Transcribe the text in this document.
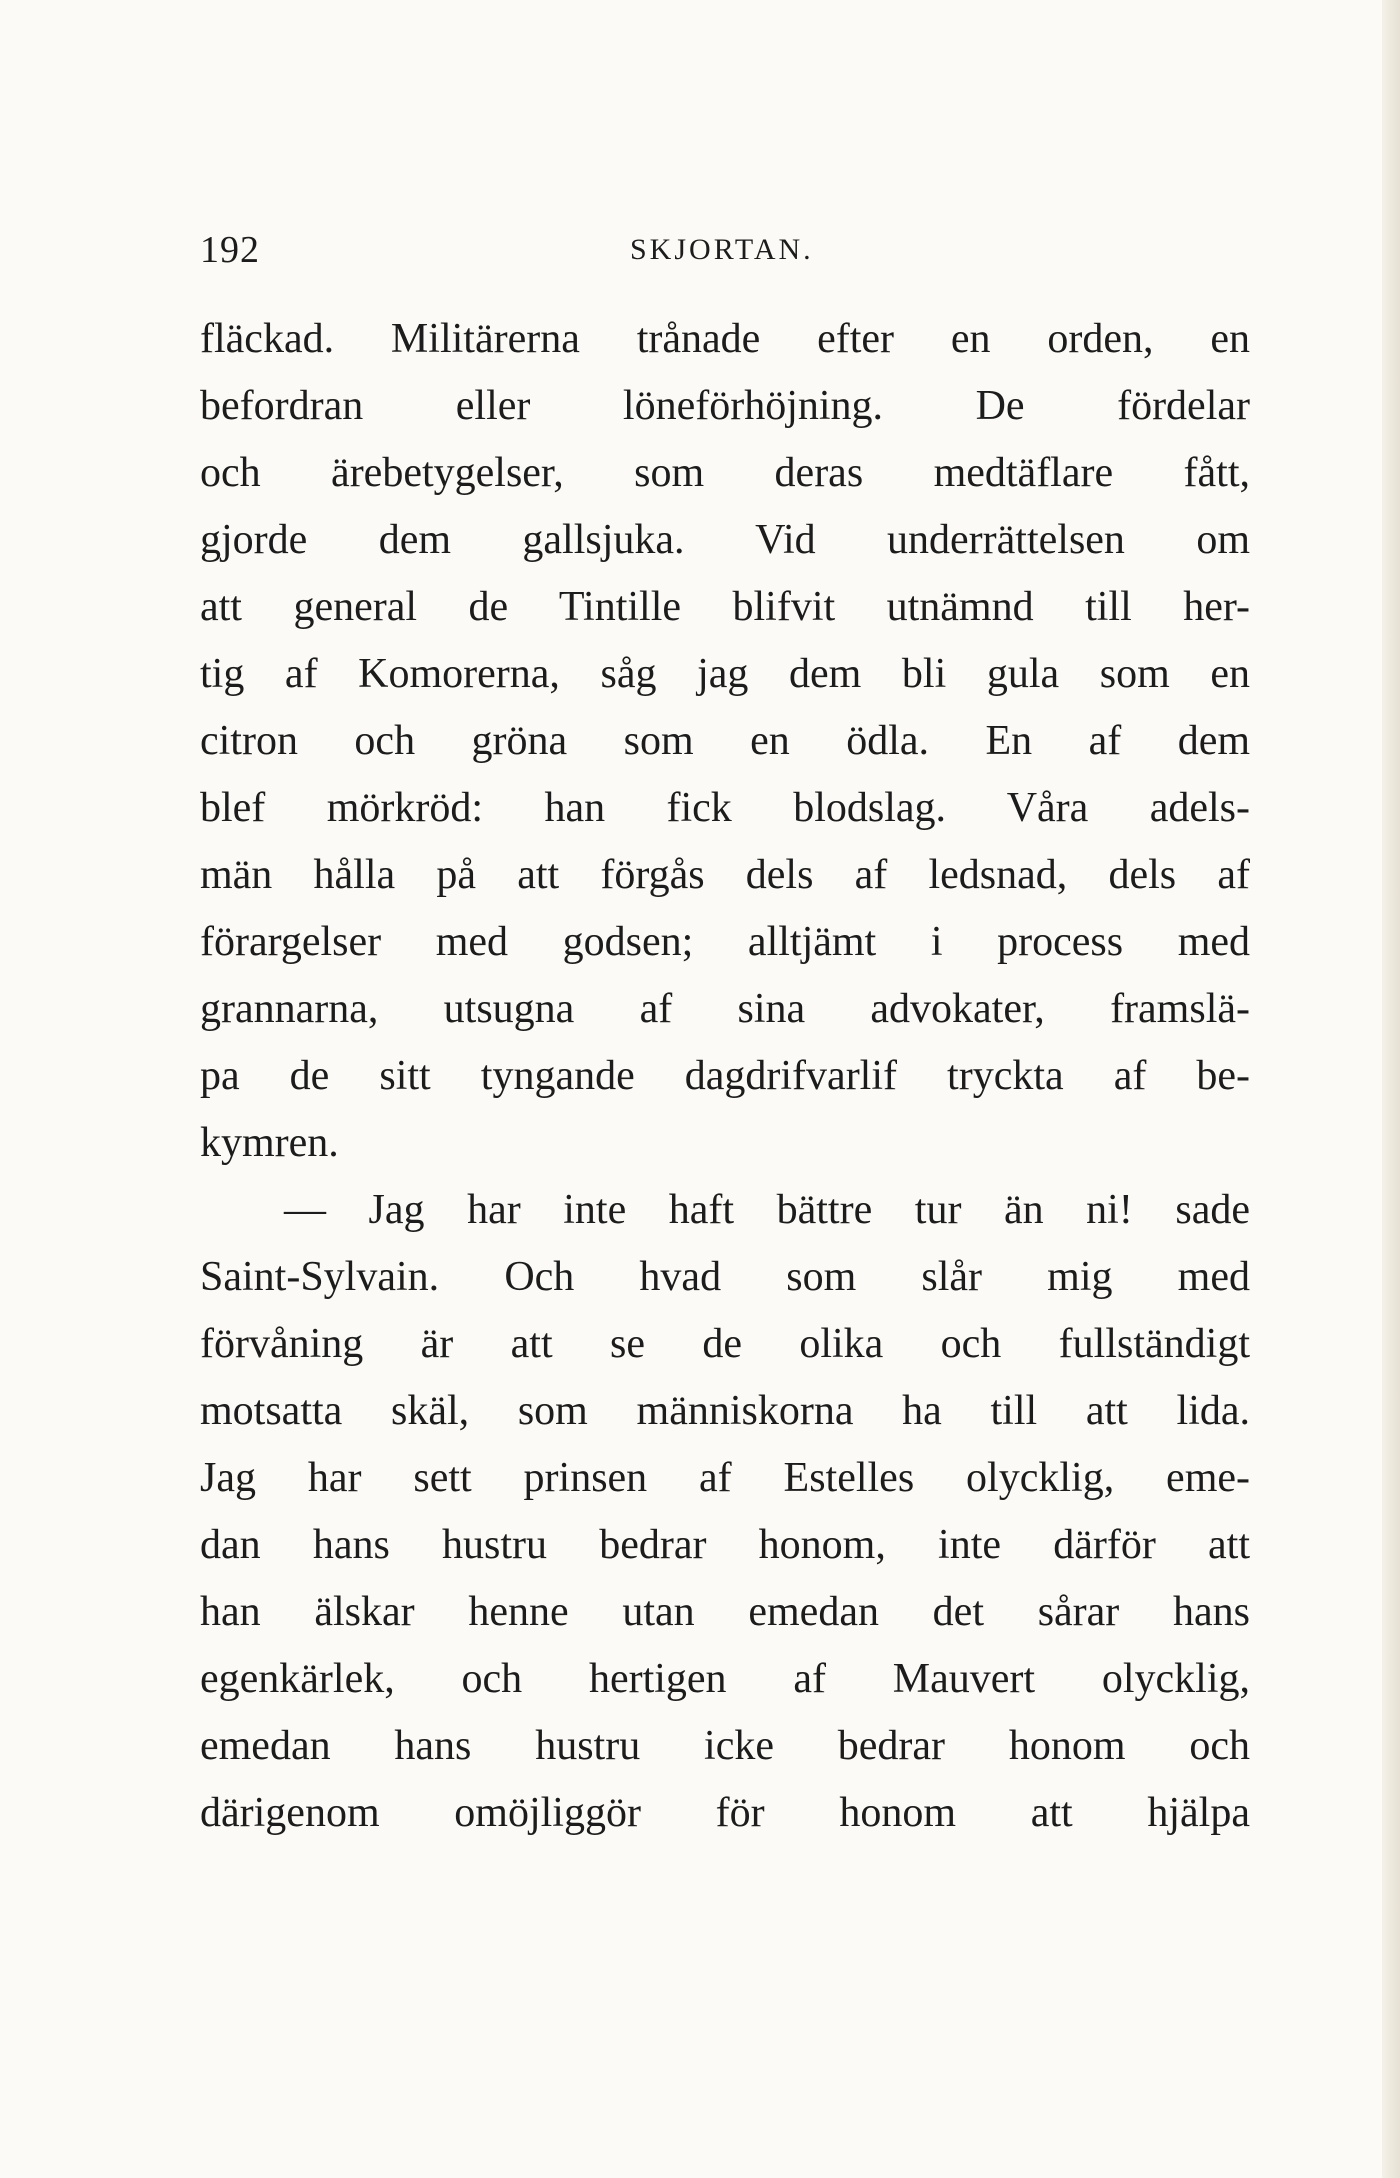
192	SKJORTAN.
fläckad. Militärerna trånade efter en orden, en
befordran eller löneförhöjning. De fördelar
och ärebetygelser, som deras medtäflare fått,
gjorde dem gallsjuka. Vid underrättelsen om
att general de Tintille blifvit utnämnd till her-
tig af Komorerna, såg jag dem bli gula som en
citron och gröna som en ödla. En af dem
blef mörkröd: han fick blodslag. Våra adels-
män hålla på att förgås dels af ledsnad, dels af
förargelser med godsen; alltjämt i process med
grannarna, utsugna af sina advokater, framslä-
pa de sitt tyngande dagdrifvarlif tryckta af be-
kymren.
— Jag har inte haft bättre tur än ni! sade
Saint-Sylvain. Och hvad som slår mig med
förvåning är att se de olika och fullständigt
motsatta skäl, som människorna ha till att lida.
Jag har sett prinsen af Estelles olycklig, eme-
dan hans hustru bedrar honom, inte därför att
han älskar henne utan emedan det sårar hans
egenkärlek, och hertigen af Mauvert olycklig,
emedan hans hustru icke bedrar honom och
därigenom omöjliggör för honom att hjälpa
